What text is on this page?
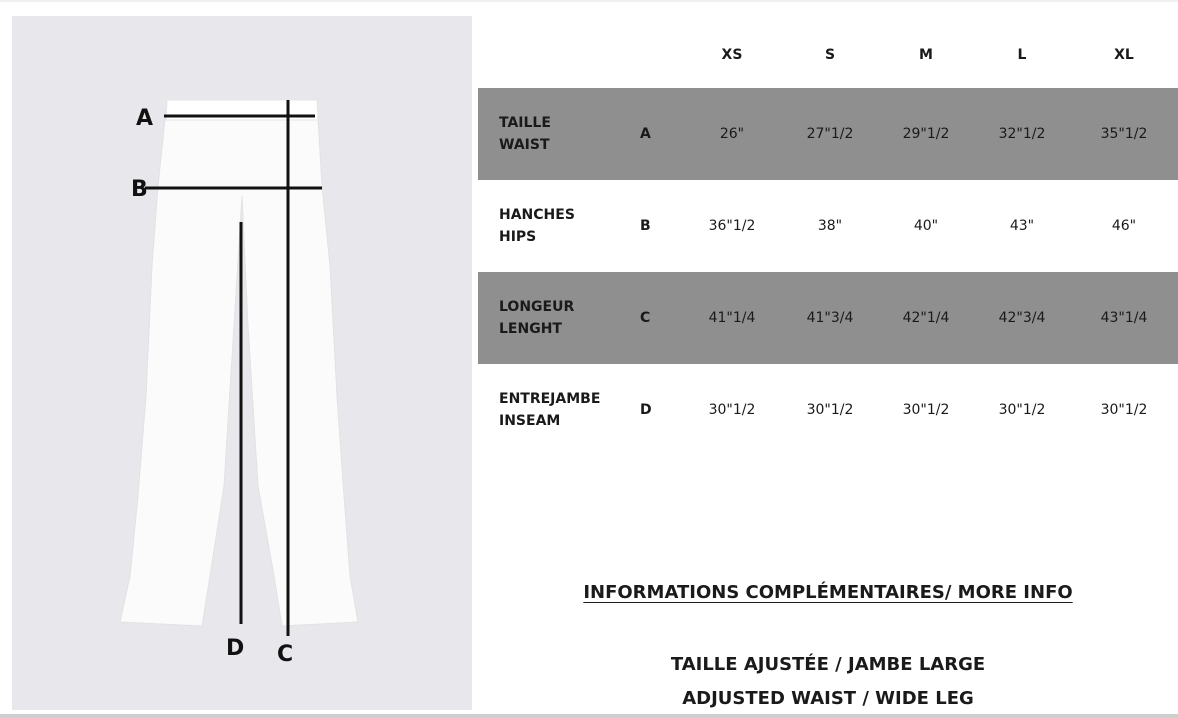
A
B
D C
		XS	S	M	L	XL

TAILLE
WAIST	A	26"	27"1/2	29"1/2	32"1/2	35"1/2

HANCHES
HIPS	B	36"1/2	38"	40"	43"	46"

LONGEUR
LENGHT	C	41"1/4	41"3/4	42"1/4	42"3/4	43"1/4

ENTREJAMBE
INSEAM	D	30"1/2	30"1/2	30"1/2	30"1/2	30"1/2
INFORMATIONS COMPLÉMENTAIRES/ MORE INFO
TAILLE AJUSTÉE / JAMBE LARGE
ADJUSTED WAIST / WIDE LEG
